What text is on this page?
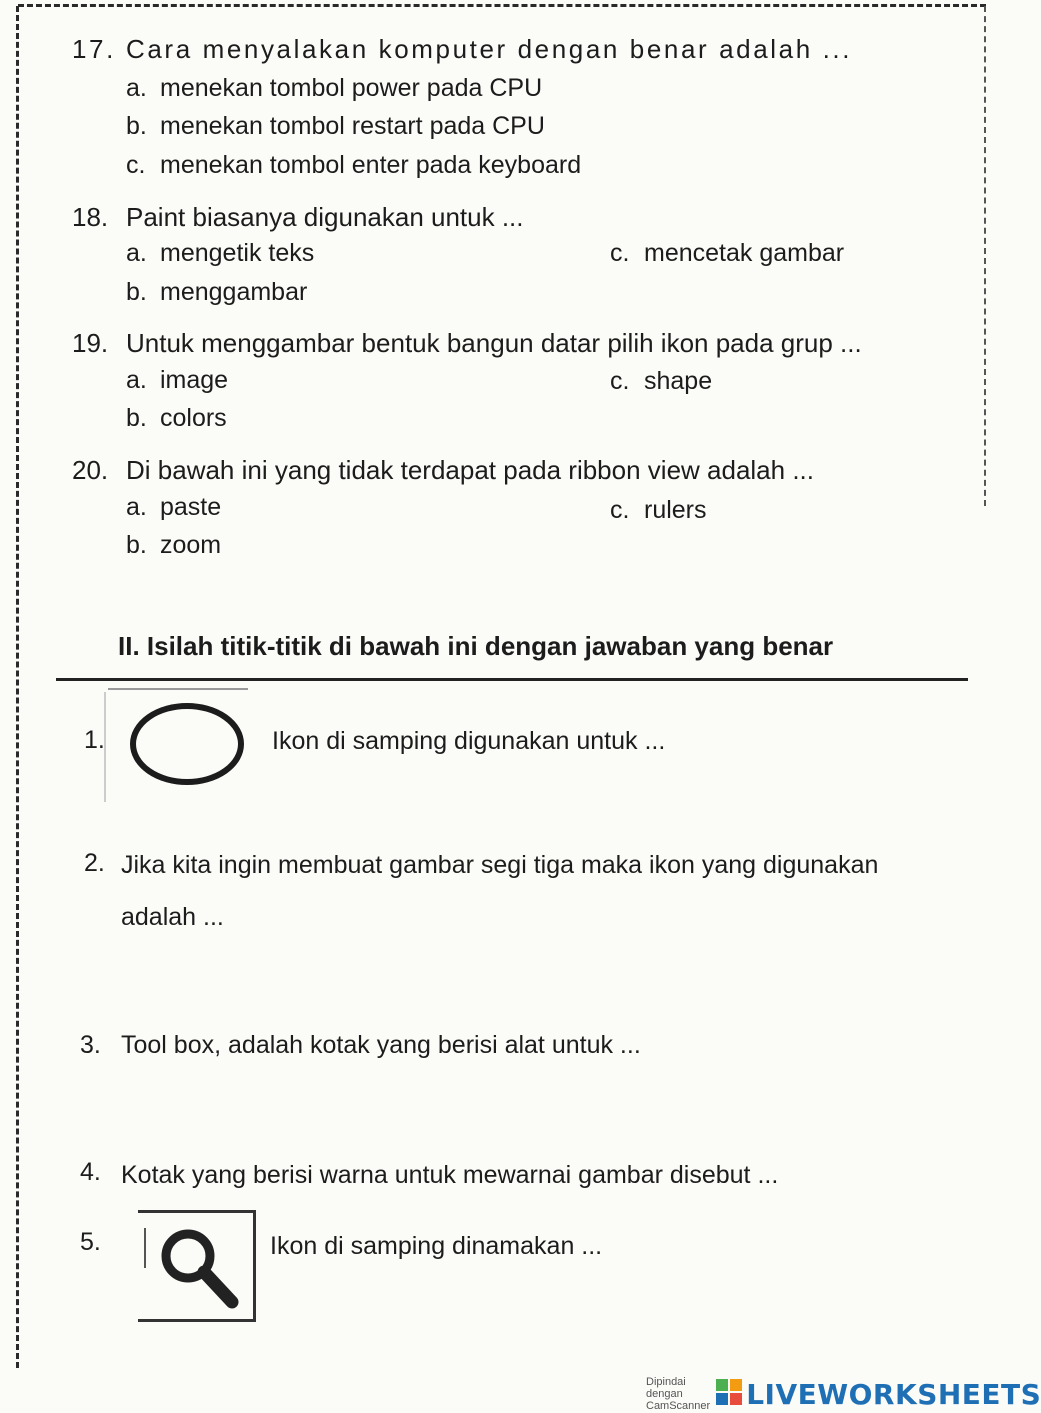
17. Cara menyalakan komputer dengan benar adalah ...
a. menekan tombol power pada CPU
b. menekan tombol restart pada CPU
c. menekan tombol enter pada keyboard
18. Paint biasanya digunakan untuk ...
a. mengetik teks	c. mencetak gambar
b. menggambar
19. Untuk menggambar bentuk bangun datar pilih ikon pada grup ...
a. image	c. shape
b. colors
20. Di bawah ini yang tidak terdapat pada ribbon view adalah ...
a. paste	c. rulers
b. zoom
II. Isilah titik-titik di bawah ini dengan jawaban yang benar
1.	Ikon di samping digunakan untuk ...
2. Jika kita ingin membuat gambar segi tiga maka ikon yang digunakan
adalah ...
3. Tool box, adalah kotak yang berisi alat untuk ...
4. Kotak yang berisi warna untuk mewarnai gambar disebut ...
5.	Ikon di samping dinamakan ...
Dipindai dengan CamScanner LIVEWORKSHEETS
